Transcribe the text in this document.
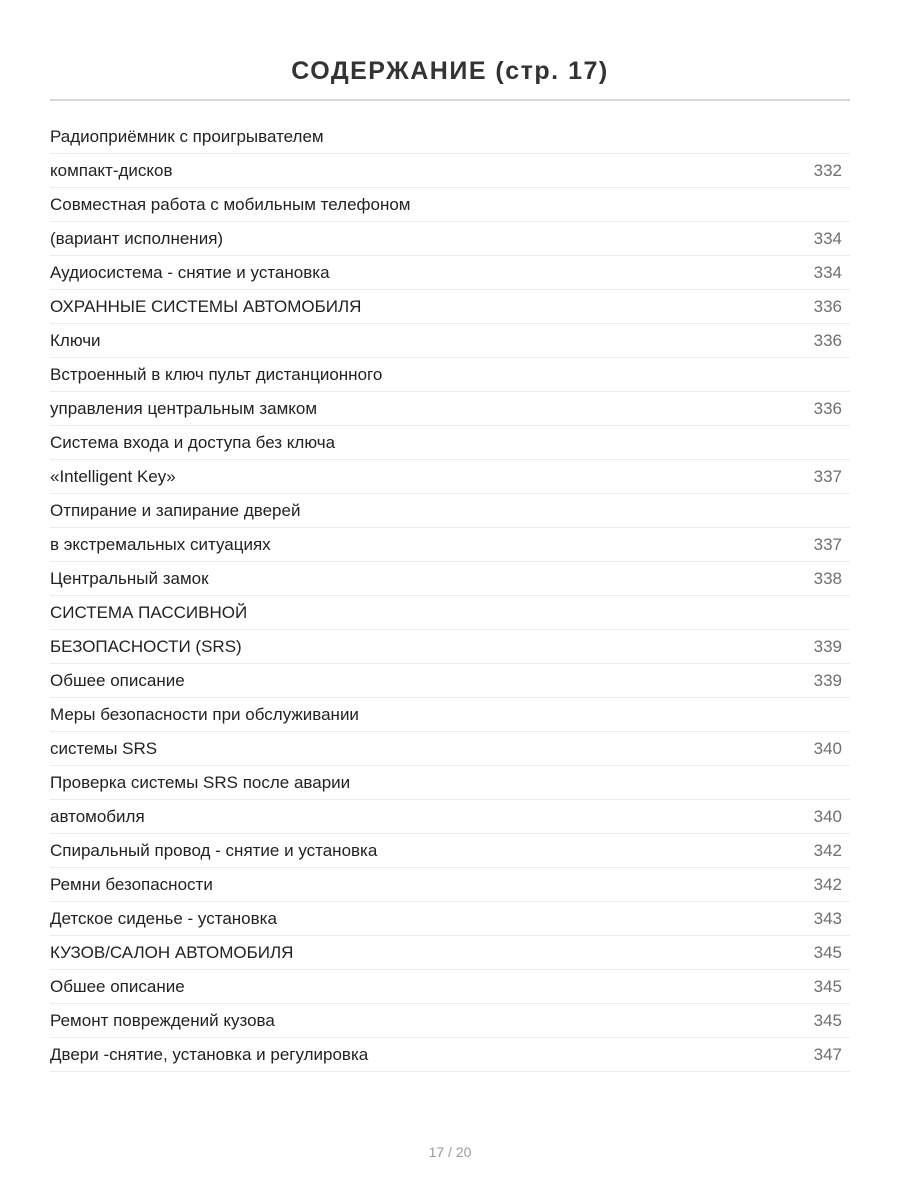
СОДЕРЖАНИЕ (стр. 17)
Радиоприёмник с проигрывателем
компакт-дисков	332
Совместная работа с мобильным телефоном
(вариант исполнения)	334
Аудиосистема - снятие и установка	334
ОХРАННЫЕ СИСТЕМЫ АВТОМОБИЛЯ	336
Ключи	336
Встроенный в ключ пульт дистанционного
управления центральным замком	336
Система входа и доступа без ключа
«Intelligent Key»	337
Отпирание и запирание дверей
в экстремальных ситуациях	337
Центральный замок	338
СИСТЕМА ПАССИВНОЙ
БЕЗОПАСНОСТИ (SRS)	339
Обшее описание	339
Меры безопасности при обслуживании
системы SRS	340
Проверка системы SRS после аварии
автомобиля	340
Спиральный провод - снятие и установка	342
Ремни безопасности	342
Детское сиденье - установка	343
КУЗОВ/САЛОН АВТОМОБИЛЯ	345
Обшее описание	345
Ремонт повреждений кузова	345
Двери -снятие, установка и регулировка	347
17 / 20
